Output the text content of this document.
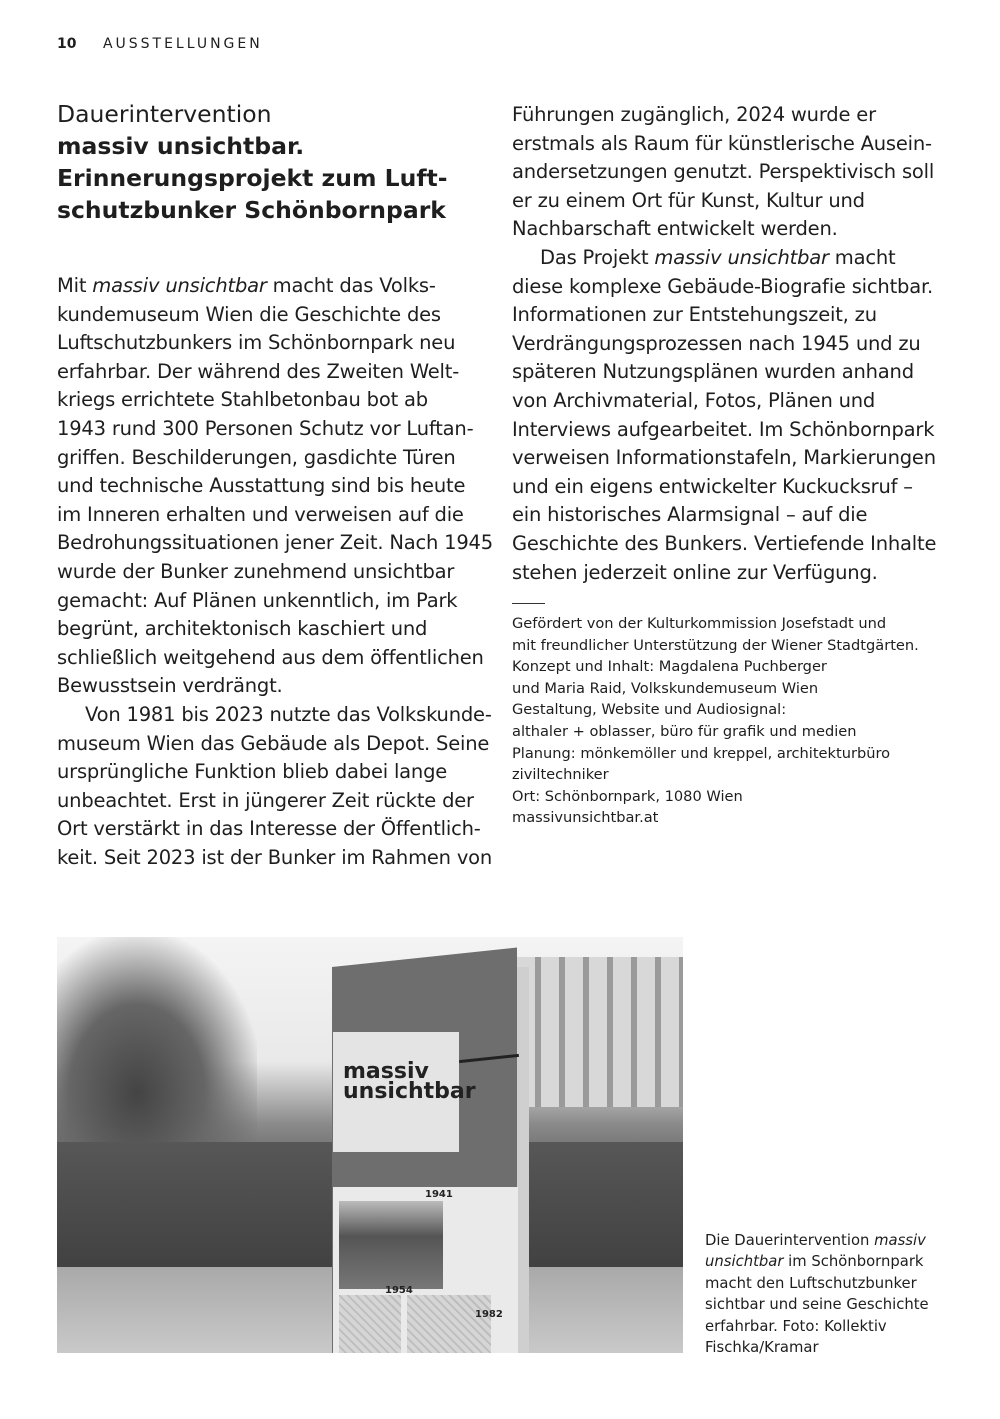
10 AUSSTELLUNGEN
Dauerintervention
massiv unsichtbar.
Erinnerungsprojekt zum Luft-
schutzbunker Schönbornpark
Mit massiv unsichtbar macht das Volks-
kundemuseum Wien die Geschichte des
Luftschutzbunkers im Schönbornpark neu
erfahrbar. Der während des Zweiten Welt-
kriegs errichtete Stahlbetonbau bot ab
1943 rund 300 Personen Schutz vor Luftan-
griffen. Beschilderungen, gasdichte Türen
und technische Ausstattung sind bis heute
im Inneren erhalten und verweisen auf die
Bedrohungssituationen jener Zeit. Nach 1945
wurde der Bunker zunehmend unsichtbar
gemacht: Auf Plänen unkenntlich, im Park
begrünt, architektonisch kaschiert und
schließlich weitgehend aus dem öffentlichen
Bewusstsein verdrängt.
Von 1981 bis 2023 nutzte das Volkskunde-
museum Wien das Gebäude als Depot. Seine
ursprüngliche Funktion blieb dabei lange
unbeachtet. Erst in jüngerer Zeit rückte der
Ort verstärkt in das Interesse der Öffentlich-
keit. Seit 2023 ist der Bunker im Rahmen von
Führungen zugänglich, 2024 wurde er
erstmals als Raum für künstlerische Ausein-
andersetzungen genutzt. Perspektivisch soll
er zu einem Ort für Kunst, Kultur und
Nachbarschaft entwickelt werden.
Das Projekt massiv unsichtbar macht
diese komplexe Gebäude-Biografie sichtbar.
Informationen zur Entstehungszeit, zu
Verdrängungsprozessen nach 1945 und zu
späteren Nutzungsplänen wurden anhand
von Archivmaterial, Fotos, Plänen und
Interviews aufgearbeitet. Im Schönbornpark
verweisen Informationstafeln, Markierungen
und ein eigens entwickelter Kuckucksruf –
ein historisches Alarmsignal – auf die
Geschichte des Bunkers. Vertiefende Inhalte
stehen jederzeit online zur Verfügung.
Gefördert von der Kulturkommission Josefstadt und
mit freundlicher Unterstützung der Wiener Stadtgärten.
Konzept und Inhalt: Magdalena Puchberger
und Maria Raid, Volkskundemuseum Wien
Gestaltung, Website und Audiosignal:
althaler + oblasser, büro für grafik und medien
Planung: mönkemöller und kreppel, architekturbüro
ziviltechniker
Ort: Schönbornpark, 1080 Wien
massivunsichtbar.at
massiv
unsichtbar
1941
1954
1982
Die Dauerintervention massiv
unsichtbar im Schönbornpark
macht den Luftschutzbunker
sichtbar und seine Geschichte
erfahrbar. Foto: Kollektiv
Fischka/Kramar
